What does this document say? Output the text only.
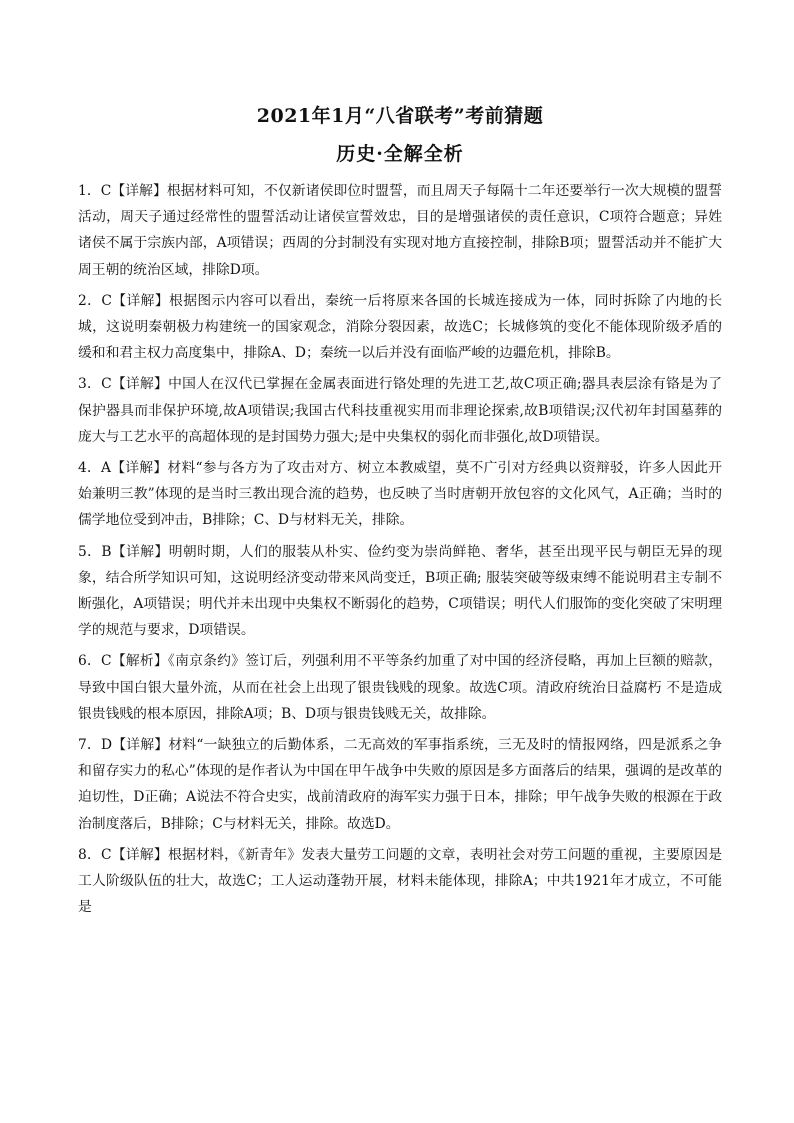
2021年1月“八省联考”考前猜题
历史·全解全析

1．C【详解】根据材料可知，不仅新诸侯即位时盟誓，而且周天子每隔十二年还要举行一次大规模的盟誓活动，周天子通过经常性的盟誓活动让诸侯宣誓效忠，目的是增强诸侯的责任意识，C项符合题意；异姓诸侯不属于宗族内部，A项错误；西周的分封制没有实现对地方直接控制，排除B项；盟誓活动并不能扩大周王朝的统治区域，排除D项。

2．C【详解】根据图示内容可以看出，秦统一后将原来各国的长城连接成为一体，同时拆除了内地的长城，这说明秦朝极力构建统一的国家观念，消除分裂因素，故选C；长城修筑的变化不能体现阶级矛盾的缓和和君主权力高度集中，排除A、D；秦统一以后并没有面临严峻的边疆危机，排除B。

3．C【详解】中国人在汉代已掌握在金属表面进行铬处理的先进工艺,故C项正确;器具表层涂有铬是为了保护器具而非保护环境,故A项错误;我国古代科技重视实用而非理论探索,故B项错误;汉代初年封国墓葬的庞大与工艺水平的高超体现的是封国势力强大;是中央集权的弱化而非强化,故D项错误。

4．A【详解】材料“参与各方为了攻击对方、树立本教威望，莫不广引对方经典以资辩驳，许多人因此开始兼明三教”体现的是当时三教出现合流的趋势，也反映了当时唐朝开放包容的文化风气，A正确；当时的儒学地位受到冲击，B排除；C、D与材料无关，排除。

5．B【详解】明朝时期，人们的服装从朴实、俭约变为崇尚鲜艳、奢华，甚至出现平民与朝臣无异的现象，结合所学知识可知，这说明经济变动带来风尚变迁，B项正确; 服装突破等级束缚不能说明君主专制不断强化，A项错误；明代并未出现中央集权不断弱化的趋势，C项错误；明代人们服饰的变化突破了宋明理学的规范与要求，D项错误。

6．C【解析】《南京条约》签订后，列强利用不平等条约加重了对中国的经济侵略，再加上巨额的赔款，导致中国白银大量外流，从而在社会上出现了银贵钱贱的现象。故选C项。清政府统治日益腐朽 不是造成银贵钱贱的根本原因，排除A项；B、D项与银贵钱贱无关，故排除。

7．D【详解】材料“一缺独立的后勤体系，二无高效的军事指系统，三无及时的情报网络，四是派系之争和留存实力的私心”体现的是作者认为中国在甲午战争中失败的原因是多方面落后的结果，强调的是改革的迫切性，D正确；A说法不符合史实，战前清政府的海军实力强于日本，排除；甲午战争失败的根源在于政治制度落后，B排除；C与材料无关，排除。故选D。

8．C【详解】根据材料，《新青年》发表大量劳工问题的文章，表明社会对劳工问题的重视，主要原因是工人阶级队伍的壮大，故选C；工人运动蓬勃开展，材料未能体现，排除A；中共1921年才成立，不可能是
